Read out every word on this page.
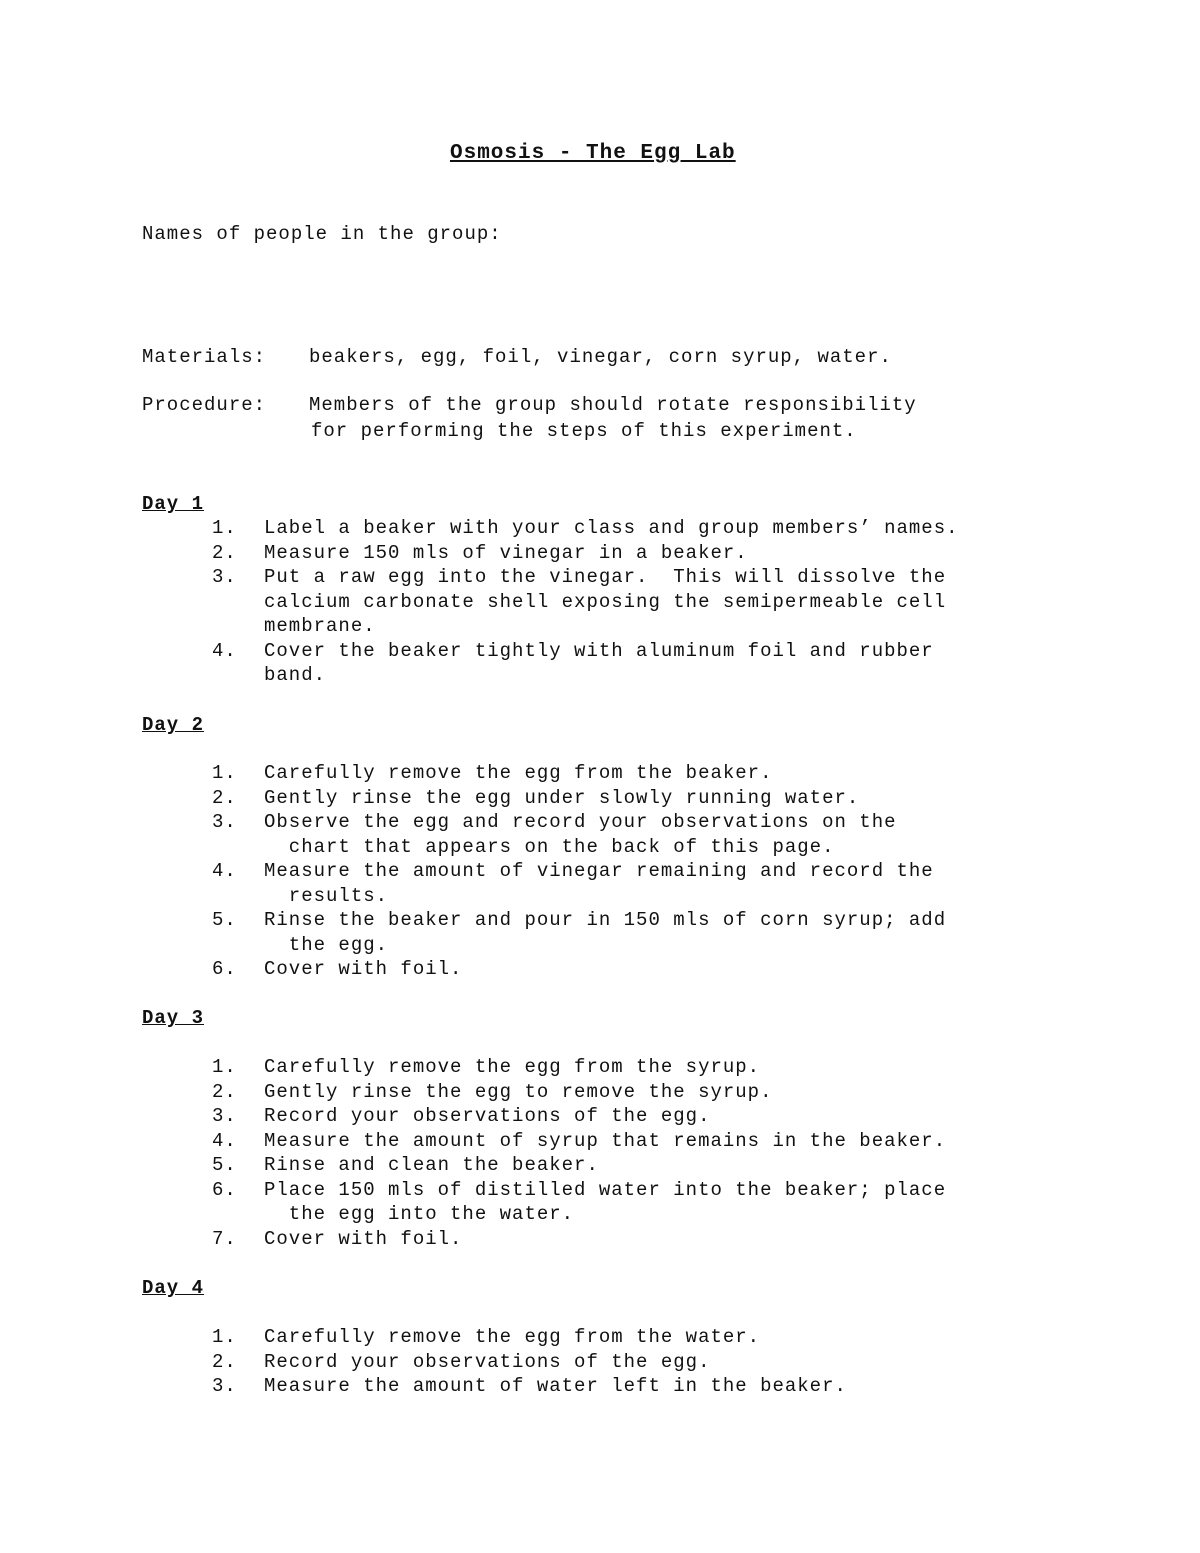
Osmosis - The Egg Lab
Names of people in the group:
Materials: beakers, egg, foil, vinegar, corn syrup, water.
Procedure: Members of the group should rotate responsibility
for performing the steps of this experiment.
Day 1
Day 2
Day 3
Day 4
1. Label a beaker with your class and group members’ names.
2. Measure 150 mls of vinegar in a beaker.
3. Put a raw egg into the vinegar.  This will dissolve the
calcium carbonate shell exposing the semipermeable cell
membrane.
4. Cover the beaker tightly with aluminum foil and rubber
band.
1. Carefully remove the egg from the beaker.
2. Gently rinse the egg under slowly running water.
3. Observe the egg and record your observations on the
chart that appears on the back of this page.
4. Measure the amount of vinegar remaining and record the
results.
5. Rinse the beaker and pour in 150 mls of corn syrup; add
the egg.
6. Cover with foil.
1. Carefully remove the egg from the syrup.
2. Gently rinse the egg to remove the syrup.
3. Record your observations of the egg.
4. Measure the amount of syrup that remains in the beaker.
5. Rinse and clean the beaker.
6. Place 150 mls of distilled water into the beaker; place
the egg into the water.
7. Cover with foil.
1. Carefully remove the egg from the water.
2. Record your observations of the egg.
3. Measure the amount of water left in the beaker.
